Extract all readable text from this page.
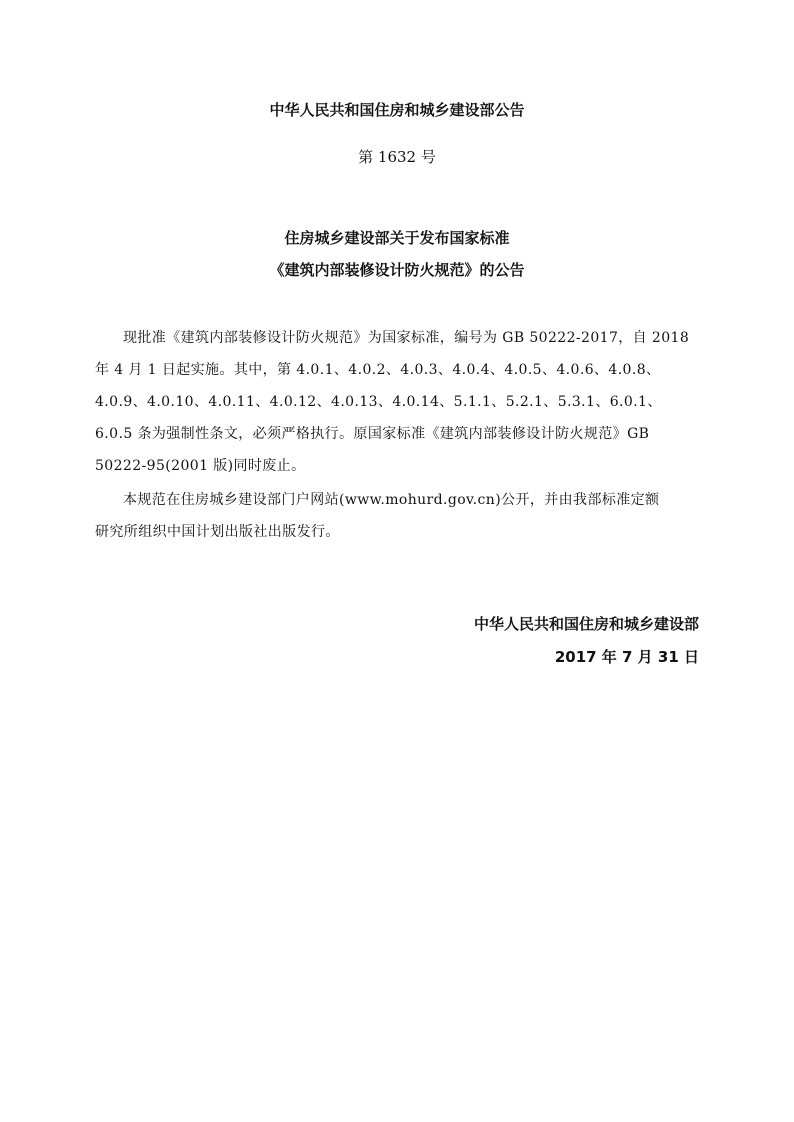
中华人民共和国住房和城乡建设部公告
第 1632 号
住房城乡建设部关于发布国家标准
《建筑内部装修设计防火规范》的公告
现批准《建筑内部装修设计防火规范》为国家标准，编号为 GB 50222-2017，自 2018
年 4 月 1 日起实施。其中，第 4.0.1、4.0.2、4.0.3、4.0.4、4.0.5、4.0.6、4.0.8、
4.0.9、4.0.10、4.0.11、4.0.12、4.0.13、4.0.14、5.1.1、5.2.1、5.3.1、6.0.1、
6.0.5 条为强制性条文，必须严格执行。原国家标准《建筑内部装修设计防火规范》GB
50222-95(2001 版)同时废止。
本规范在住房城乡建设部门户网站(www.mohurd.gov.cn)公开，并由我部标准定额
研究所组织中国计划出版社出版发行。
中华人民共和国住房和城乡建设部
2017 年 7 月 31 日
